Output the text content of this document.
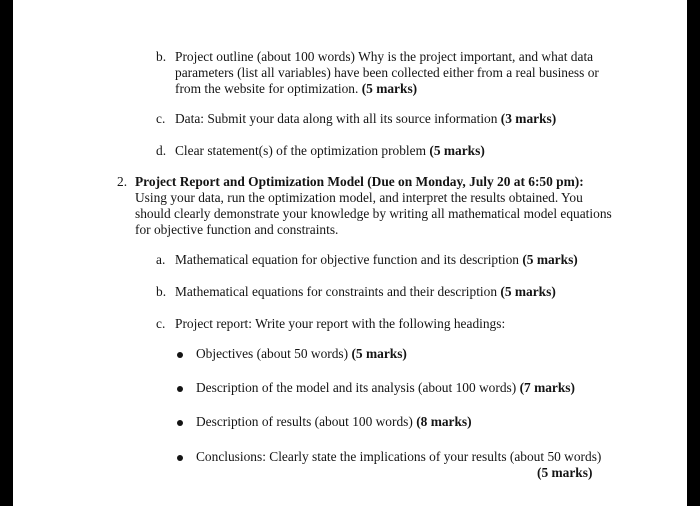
b. Project outline (about 100 words) Why is the project important, and what data
parameters (list all variables) have been collected either from a real business or
from the website for optimization. (5 marks)
c. Data: Submit your data along with all its source information (3 marks)
d. Clear statement(s) of the optimization problem (5 marks)
2. Project Report and Optimization Model (Due on Monday, July 20 at 6:50 pm):
Using your data, run the optimization model, and interpret the results obtained. You
should clearly demonstrate your knowledge by writing all mathematical model equations
for objective function and constraints.
a. Mathematical equation for objective function and its description (5 marks)
b. Mathematical equations for constraints and their description (5 marks)
c. Project report: Write your report with the following headings:
Objectives (about 50 words) (5 marks)
Description of the model and its analysis (about 100 words) (7 marks)
Description of results (about 100 words) (8 marks)
Conclusions: Clearly state the implications of your results (about 50 words)
(5 marks)
